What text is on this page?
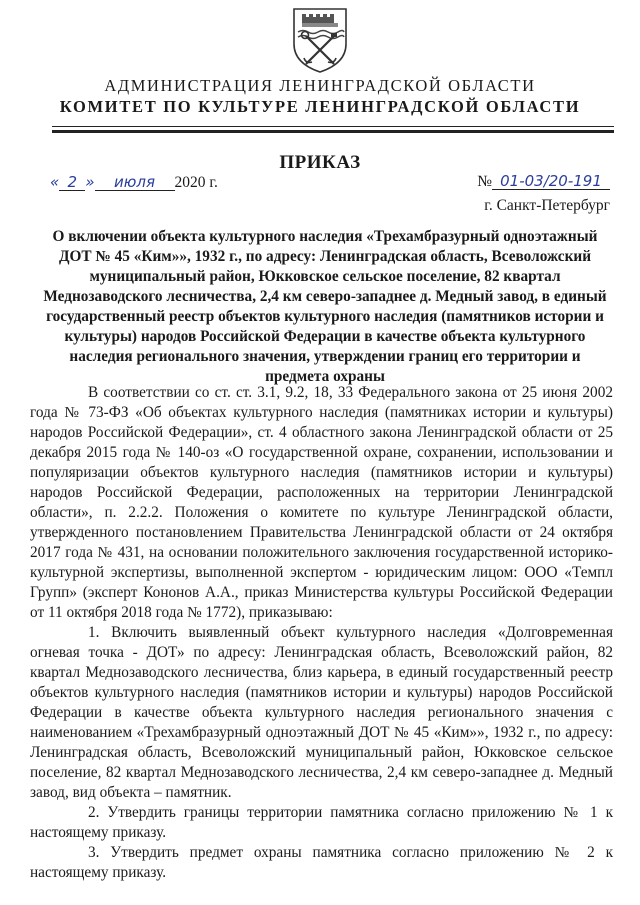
АДМИНИСТРАЦИЯ ЛЕНИНГРАДСКОЙ ОБЛАСТИ
КОМИТЕТ ПО КУЛЬТУРЕ ЛЕНИНГРАДСКОЙ ОБЛАСТИ
ПРИКАЗ
« 2 » июля 2020 г.	№ 01-03/20-191
г. Санкт-Петербург
О включении объекта культурного наследия «Трехамбразурный одноэтажный ДОТ № 45 «Ким»», 1932 г., по адресу: Ленинградская область, Всеволожский муниципальный район, Юкковское сельское поселение, 82 квартал Меднозаводского лесничества, 2,4 км северо-западнее д. Медный завод, в единый государственный реестр объектов культурного наследия (памятников истории и культуры) народов Российской Федерации в качестве объекта культурного наследия регионального значения, утверждении границ его территории и предмета охраны

В соответствии со ст. ст. 3.1, 9.2, 18, 33 Федерального закона от 25 июня 2002 года № 73-ФЗ «Об объектах культурного наследия (памятниках истории и культуры) народов Российской Федерации», ст. 4 областного закона Ленинградской области от 25 декабря 2015 года № 140-оз «О государственной охране, сохранении, использовании и популяризации объектов культурного наследия (памятников истории и культуры) народов Российской Федерации, расположенных на территории Ленинградской области», п. 2.2.2. Положения о комитете по культуре Ленинградской области, утвержденного постановлением Правительства Ленинградской области от 24 октября 2017 года № 431, на основании положительного заключения государственной историко-культурной экспертизы, выполненной экспертом - юридическим лицом: ООО «Темпл Групп» (эксперт Кононов А.А., приказ Министерства культуры Российской Федерации от 11 октября 2018 года № 1772), приказываю:

1. Включить выявленный объект культурного наследия «Долговременная огневая точка - ДОТ» по адресу: Ленинградская область, Всеволожский район, 82 квартал Меднозаводского лесничества, близ карьера, в единый государственный реестр объектов культурного наследия (памятников истории и культуры) народов Российской Федерации в качестве объекта культурного наследия регионального значения с наименованием «Трехамбразурный одноэтажный ДОТ № 45 «Ким»», 1932 г., по адресу: Ленинградская область, Всеволожский муниципальный район, Юкковское сельское поселение, 82 квартал Меднозаводского лесничества, 2,4 км северо-западнее д. Медный завод, вид объекта – памятник.

2. Утвердить границы территории памятника согласно приложению № 1 к настоящему приказу.

3. Утвердить предмет охраны памятника согласно приложению № 2 к настоящему приказу.
